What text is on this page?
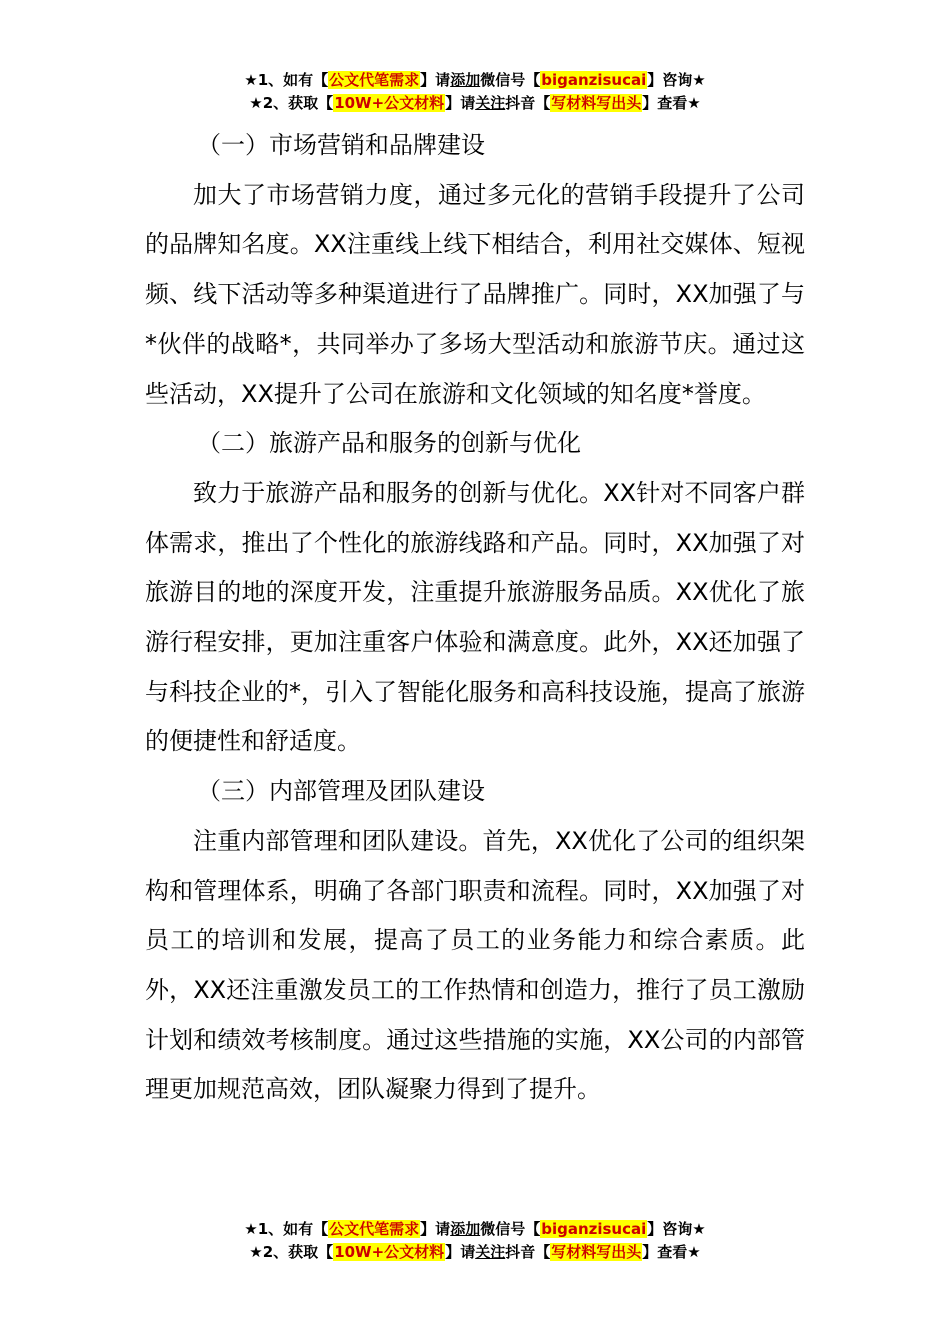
★1、如有【公文代笔需求】请添加微信号【biganzisucai】咨询★
★2、获取【10W+公文材料】请关注抖音【写材料写出头】查看★

（一）市场营销和品牌建设

加大了市场营销力度，通过多元化的营销手段提升了公司的品牌知名度。XX注重线上线下相结合，利用社交媒体、短视频、线下活动等多种渠道进行了品牌推广。同时，XX加强了与*伙伴的战略*，共同举办了多场大型活动和旅游节庆。通过这些活动，XX提升了公司在旅游和文化领域的知名度*誉度。

（二）旅游产品和服务的创新与优化

致力于旅游产品和服务的创新与优化。XX针对不同客户群体需求，推出了个性化的旅游线路和产品。同时，XX加强了对旅游目的地的深度开发，注重提升旅游服务品质。XX优化了旅游行程安排，更加注重客户体验和满意度。此外，XX还加强了与科技企业的*，引入了智能化服务和高科技设施，提高了旅游的便捷性和舒适度。

（三）内部管理及团队建设

注重内部管理和团队建设。首先，XX优化了公司的组织架构和管理体系，明确了各部门职责和流程。同时，XX加强了对员工的培训和发展，提高了员工的业务能力和综合素质。此外，XX还注重激发员工的工作热情和创造力，推行了员工激励计划和绩效考核制度。通过这些措施的实施，XX公司的内部管理更加规范高效，团队凝聚力得到了提升。

★1、如有【公文代笔需求】请添加微信号【biganzisucai】咨询★
★2、获取【10W+公文材料】请关注抖音【写材料写出头】查看★
